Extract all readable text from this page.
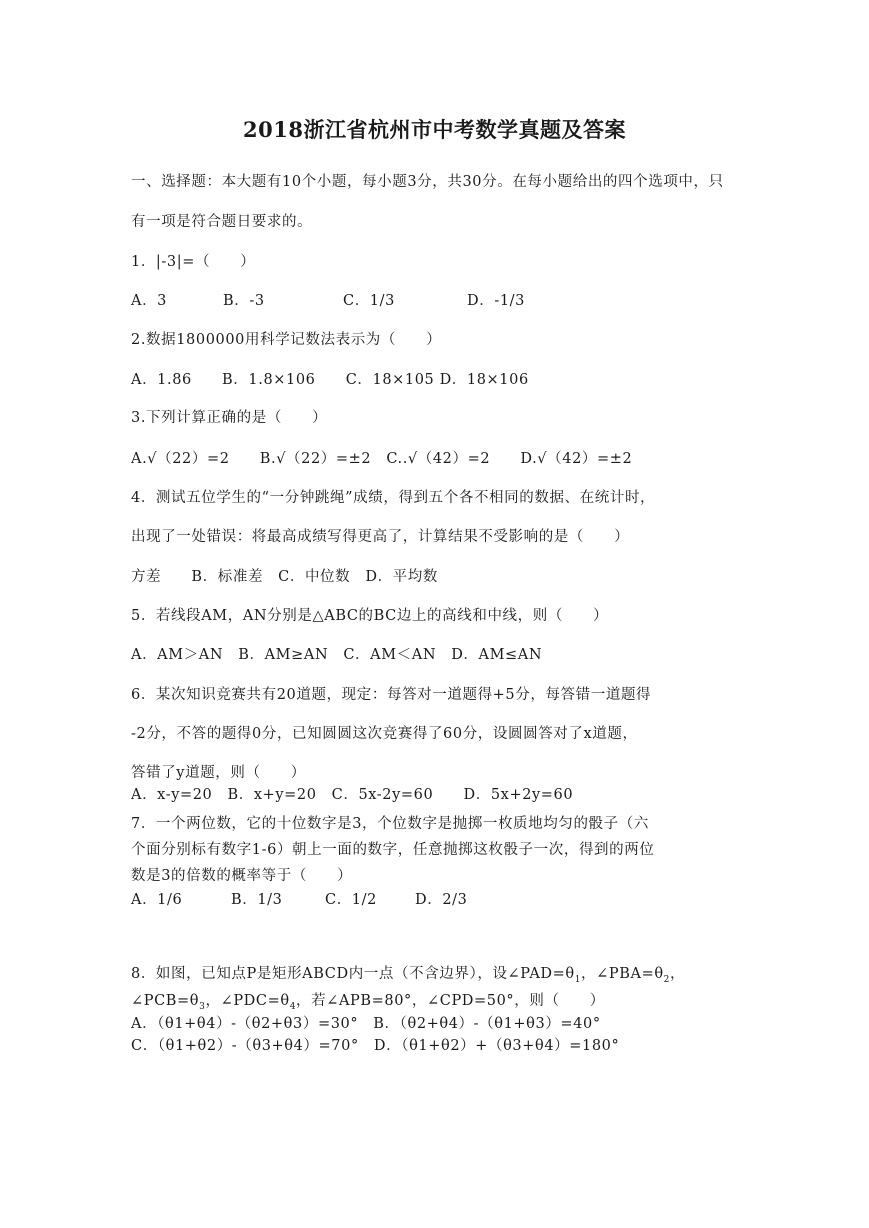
2018浙江省杭州市中考数学真题及答案
一、选择题：本大题有10个小题，每小题3分，共30分。在每小题给出的四个选项中，只
有一项是符合题日要求的。
1．|-3|=（　　）
A．3	B．-3	C．1/3	D．-1/3
2.数据1800000用科学记数法表示为（　　）
A．1.86　　B．1.8×106　　C．18×105 D．18×106
3.下列计算正确的是（　　）
A.√（22）=2　　B.√（22）=±2　C..√（42）=2　　D.√（42）=±2
4．测试五位学生的“一分钟跳绳”成绩，得到五个各不相同的数据、在统计时，
出现了一处错误：将最高成绩写得更高了，计算结果不受影响的是（　　）
方差　　B．标准差　C．中位数　D．平均数
5．若线段AM，AN分别是△ABC的BC边上的高线和中线，则（　　）
A．AM＞AN　B．AM≥AN　C．AM＜AN　D．AM≤AN
6．某次知识竞赛共有20道题，现定：每答对一道题得+5分，每答错一道题得
-2分，不答的题得0分，已知圆圆这次竞赛得了60分，设圆圆答对了x道题，
答错了y道题，则（　　）
A．x-y=20　B．x+y=20　C．5x-2y=60　　D．5x+2y=60
7．一个两位数，它的十位数字是3，个位数字是抛掷一枚质地均匀的骰子（六
个面分别标有数字1-6）朝上一面的数字，任意抛掷这枚骰子一次，得到的两位
数是3的倍数的概率等于（　　）
A．1/6	B．1/3	C．1/2	D．2/3
8．如图，已知点P是矩形ABCD内一点（不含边界），设$\angle PAD=\theta_1$，$\angle PBA=\theta_2$，
$\angle PCB=\theta_3$，$\angle PDC=\theta_4$，若∠APB=80°，∠CPD=50°，则（　　）
A．（θ1+θ4）-（θ2+θ3）=30°　B．（θ2+θ4）-（θ1+θ3）=40°
C．（θ1+θ2）-（θ3+θ4）=70°　D．（θ1+θ2）+（θ3+θ4）=180°
